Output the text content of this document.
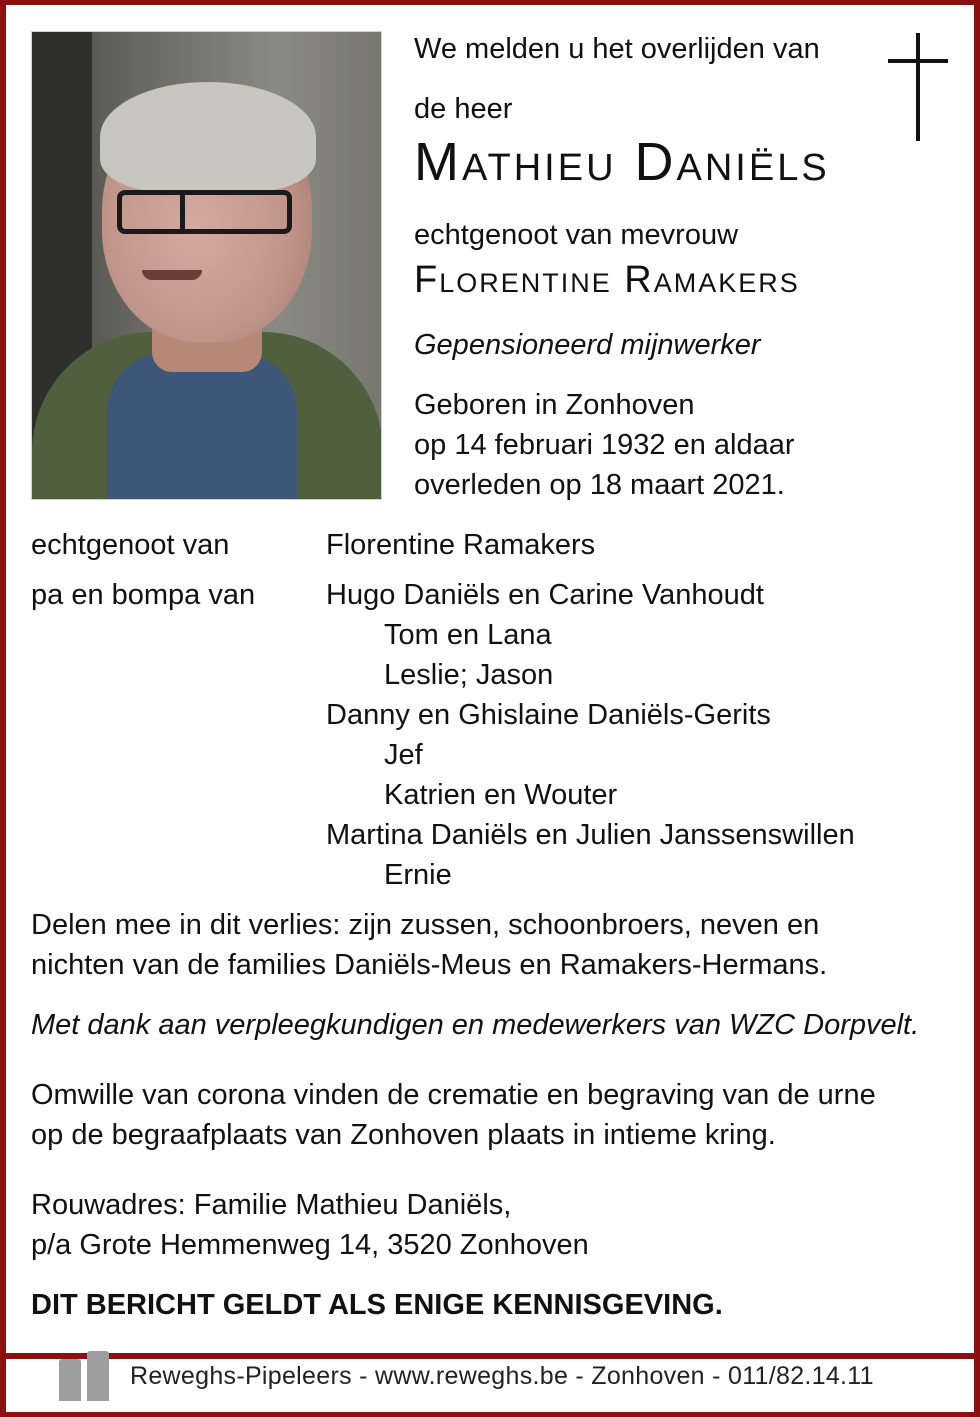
We melden u het overlijden van
de heer
Mathieu Daniëls
echtgenoot van mevrouw
Florentine Ramakers
Gepensioneerd mijnwerker
Geboren in Zonhoven
op 14 februari 1932 en aldaar
overleden op 18 maart 2021.
echtgenoot van	Florentine Ramakers
pa en bompa van Hugo Daniëls en Carine Vanhoudt
Tom en Lana
Leslie; Jason
Danny en Ghislaine Daniëls-Gerits
Jef
Katrien en Wouter
Martina Daniëls en Julien Janssenswillen
Ernie
Delen mee in dit verlies: zijn zussen, schoonbroers, neven en
nichten van de families Daniëls-Meus en Ramakers-Hermans.
Met dank aan verpleegkundigen en medewerkers van WZC Dorpvelt.
Omwille van corona vinden de crematie en begraving van de urne
op de begraafplaats van Zonhoven plaats in intieme kring.
Rouwadres: Familie Mathieu Daniëls,
p/a Grote Hemmenweg 14, 3520 Zonhoven
DIT BERICHT GELDT ALS ENIGE KENNISGEVING.
Reweghs-Pipeleers - www.reweghs.be - Zonhoven - 011/82.14.11
